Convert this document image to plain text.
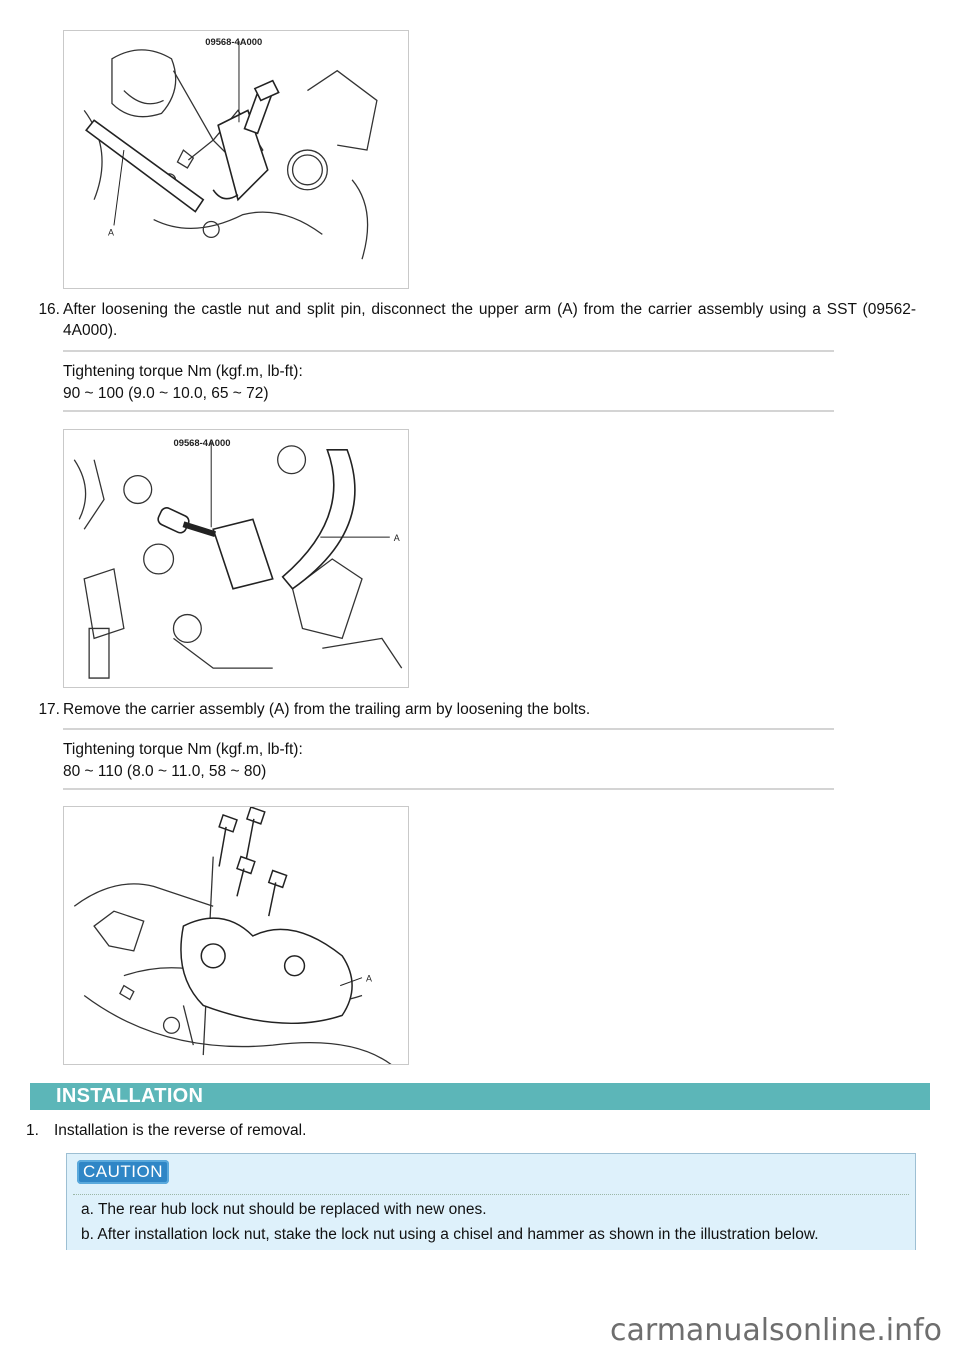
09568-4A000
A
16. After loosening the castle nut and split pin, disconnect the upper arm (A) from the carrier assembly using a SST (09562-4A000).
Tightening torque Nm (kgf.m, lb-ft):
90 ~ 100 (9.0 ~ 10.0, 65 ~ 72)
09568-4A000
A
17. Remove the carrier assembly (A) from the trailing arm by loosening the bolts.
Tightening torque Nm (kgf.m, lb-ft):
80 ~ 110 (8.0 ~ 11.0, 58 ~ 80)
A
INSTALLATION
1. Installation is the reverse of removal.
CAUTION
a. The rear hub lock nut should be replaced with new ones.
b. After installation lock nut, stake the lock nut using a chisel and hammer as shown in the illustration below.
carmanualsonline.info
